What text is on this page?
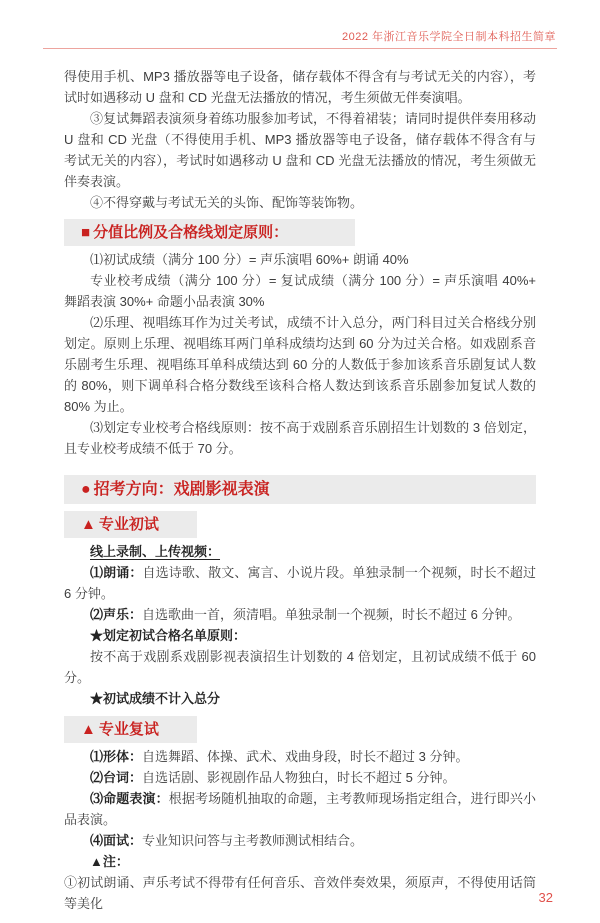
2022 年浙江音乐学院全日制本科招生简章

得使用手机、MP3 播放器等电子设备，储存载体不得含有与考试无关的内容），考试时如遇移动 U 盘和 CD 光盘无法播放的情况，考生须做无伴奏演唱。

③复试舞蹈表演须身着练功服参加考试，不得着裙装；请同时提供伴奏用移动 U 盘和 CD 光盘（不得使用手机、MP3 播放器等电子设备，储存载体不得含有与考试无关的内容），考试时如遇移动 U 盘和 CD 光盘无法播放的情况，考生须做无伴奏表演。

④不得穿戴与考试无关的头饰、配饰等装饰物。

■ 分值比例及合格线划定原则：

⑴初试成绩（满分 100 分）= 声乐演唱 60%+ 朗诵 40%

专业校考成绩（满分 100 分）= 复试成绩（满分 100 分）= 声乐演唱 40%+ 舞蹈表演 30%+ 命题小品表演 30%

⑵乐理、视唱练耳作为过关考试，成绩不计入总分，两门科目过关合格线分别划定。原则上乐理、视唱练耳两门单科成绩均达到 60 分为过关合格。如戏剧系音乐剧考生乐理、视唱练耳单科成绩达到 60 分的人数低于参加该系音乐剧复试人数的 80%，则下调单科合格分数线至该科合格人数达到该系音乐剧参加复试人数的 80% 为止。

⑶划定专业校考合格线原则：按不高于戏剧系音乐剧招生计划数的 3 倍划定，且专业校考成绩不低于 70 分。

● 招考方向：戏剧影视表演
▲ 专业初试

线上录制、上传视频：

⑴朗诵：自选诗歌、散文、寓言、小说片段。单独录制一个视频，时长不超过 6 分钟。

⑵声乐：自选歌曲一首，须清唱。单独录制一个视频，时长不超过 6 分钟。

★划定初试合格名单原则：

按不高于戏剧系戏剧影视表演招生计划数的 4 倍划定，且初试成绩不低于 60 分。

★初试成绩不计入总分

▲ 专业复试

⑴形体：自选舞蹈、体操、武术、戏曲身段，时长不超过 3 分钟。

⑵台词：自选话剧、影视剧作品人物独白，时长不超过 5 分钟。

⑶命题表演：根据考场随机抽取的命题，主考教师现场指定组合，进行即兴小品表演。

⑷面试：专业知识问答与主考教师测试相结合。

▲注：

①初试朗诵、声乐考试不得带有任何音乐、音效伴奏效果，须原声，不得使用话筒等美化	32
